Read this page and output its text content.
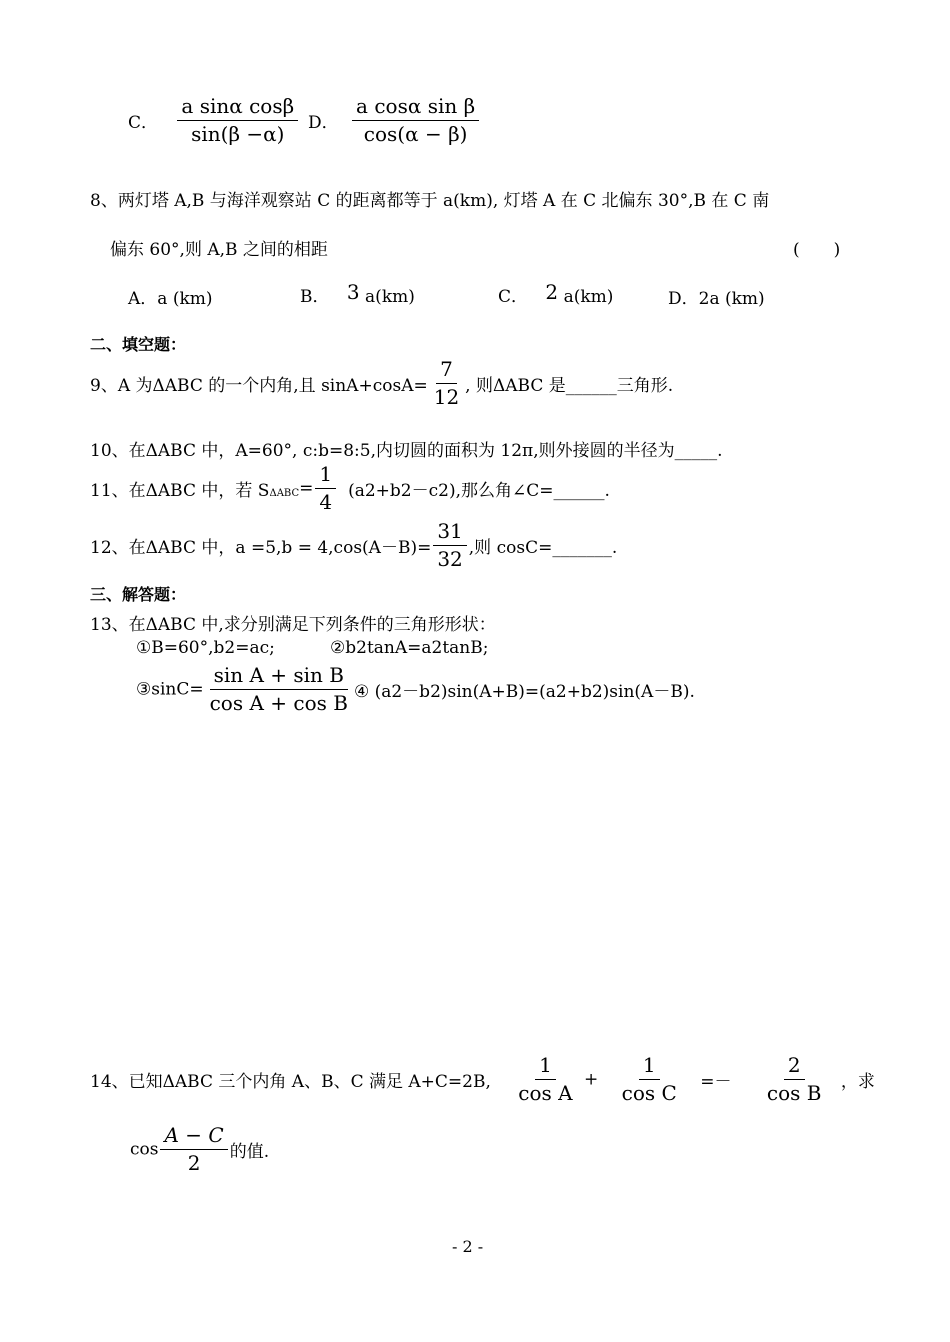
C． $\frac{\text{a sinα cosβ}}{\sin(\beta -\alpha)}$ D． $\frac{\text{a cosα sin β}}{\cos(\alpha - \beta)}$
8、两灯塔 A,B 与海洋观察站 C 的距离都等于 a(km), 灯塔 A 在 C 北偏东 30°,B 在 C 南
偏东 60°,则 A,B 之间的相距	(　　)
A．a (km)	B． 3 a(km)	C． 2 a(km)	D．2a (km)
二、填空题：
9、A 为ΔABC 的一个内角,且 $\sin A+\cos A= \frac{7}{12}$ , 则ΔABC 是______三角形.
10、在ΔABC 中，A=60°, c:b=8:5,内切圆的面积为 12π,则外接圆的半径为_____.
11、在ΔABC 中，若 $S_{\Delta ABC}= \frac{1}{4} (a2+b2-c2)$,那么角∠C=______.
12、在ΔABC 中，$a =5,b = 4,\cos(A-B)= \frac{31}{32}$ ,则 cosC=_______.
三、解答题：
13、在ΔABC 中,求分别满足下列条件的三角形形状：
①B=60°,b2=ac;	②b2tanA=a2tanB;
③sinC= $\frac{\text{sin A + sin B}}{\text{cos A + cos B}}$ ④ (a2－b2)sin(A+B)=(a2+b2)sin(A－B).
14、已知ΔABC 三个内角 A、B、C 满足 A+C=2B, $\frac{1}{\text{cos A}} + \frac{1}{\text{cos C}} =- \frac{2}{\text{cos B}}$ ，求
$\cos \frac{A - C}{2}$ 的值.
- 2 -
